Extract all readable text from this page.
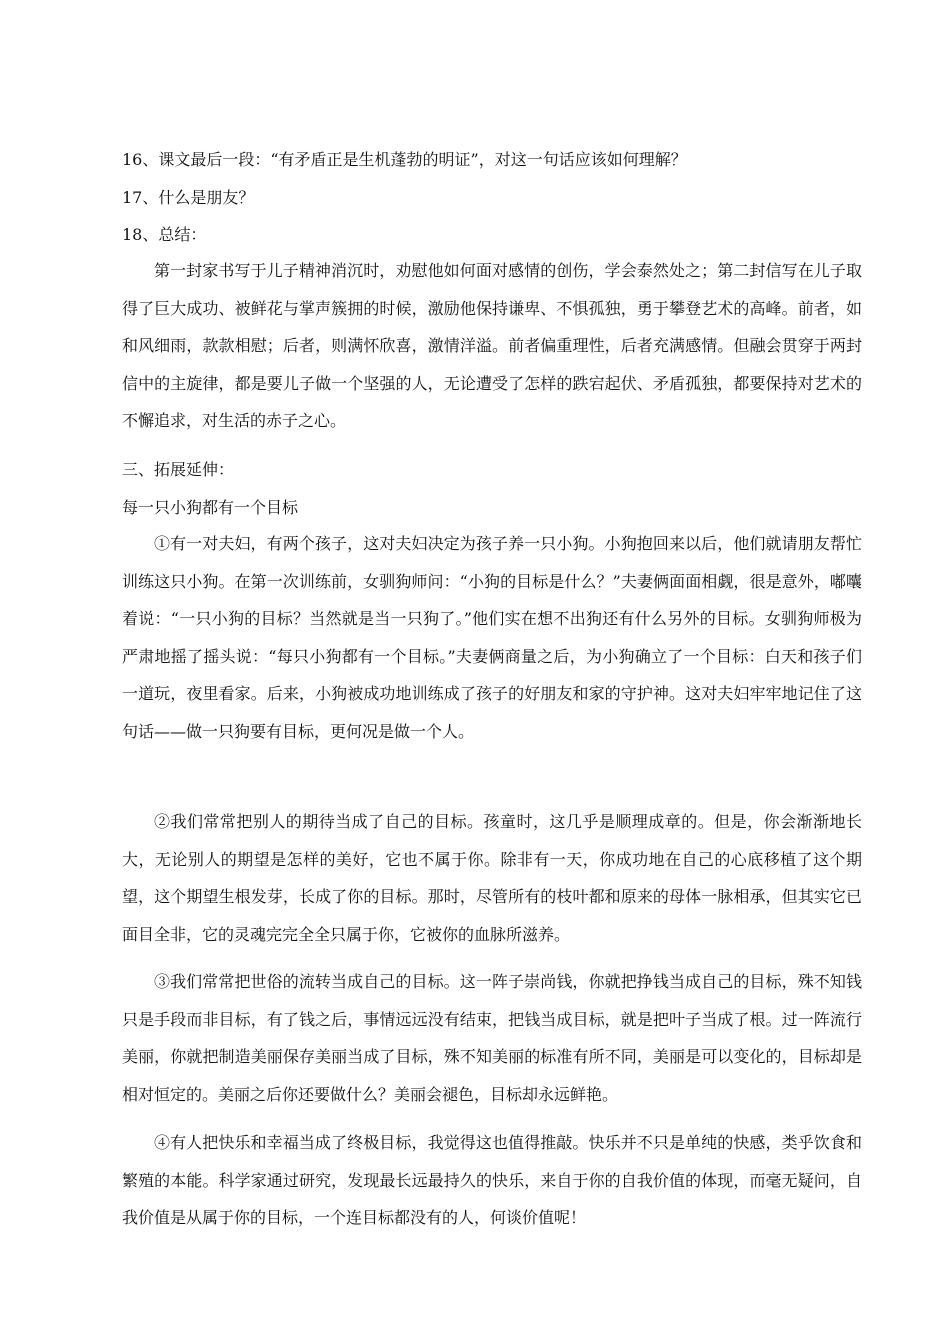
16、课文最后一段：“有矛盾正是生机蓬勃的明证”，对这一句话应该如何理解？
17、什么是朋友？
18、总结：
第一封家书写于儿子精神消沉时，劝慰他如何面对感情的创伤，学会泰然处之；第二封信写在儿子取得了巨大成功、被鲜花与掌声簇拥的时候，激励他保持谦卑、不惧孤独，勇于攀登艺术的高峰。前者，如和风细雨，款款相慰；后者，则满怀欣喜，激情洋溢。前者偏重理性，后者充满感情。但融会贯穿于两封信中的主旋律，都是要儿子做一个坚强的人，无论遭受了怎样的跌宕起伏、矛盾孤独，都要保持对艺术的不懈追求，对生活的赤子之心。
三、拓展延伸：
每一只小狗都有一个目标
①有一对夫妇，有两个孩子，这对夫妇决定为孩子养一只小狗。小狗抱回来以后，他们就请朋友帮忙训练这只小狗。在第一次训练前，女驯狗师问：“小狗的目标是什么？”夫妻俩面面相觑，很是意外，嘟囔着说：“一只小狗的目标？当然就是当一只狗了。”他们实在想不出狗还有什么另外的目标。女驯狗师极为严肃地摇了摇头说：“每只小狗都有一个目标。”夫妻俩商量之后，为小狗确立了一个目标：白天和孩子们一道玩，夜里看家。后来，小狗被成功地训练成了孩子的好朋友和家的守护神。这对夫妇牢牢地记住了这句话——做一只狗要有目标，更何况是做一个人。
②我们常常把别人的期待当成了自己的目标。孩童时，这几乎是顺理成章的。但是，你会渐渐地长大，无论别人的期望是怎样的美好，它也不属于你。除非有一天，你成功地在自己的心底移植了这个期望，这个期望生根发芽，长成了你的目标。那时，尽管所有的枝叶都和原来的母体一脉相承，但其实它已面目全非，它的灵魂完完全全只属于你，它被你的血脉所滋养。
③我们常常把世俗的流转当成自己的目标。这一阵子崇尚钱，你就把挣钱当成自己的目标，殊不知钱只是手段而非目标，有了钱之后，事情远远没有结束，把钱当成目标，就是把叶子当成了根。过一阵流行美丽，你就把制造美丽保存美丽当成了目标，殊不知美丽的标准有所不同，美丽是可以变化的，目标却是相对恒定的。美丽之后你还要做什么？美丽会褪色，目标却永远鲜艳。
④有人把快乐和幸福当成了终极目标，我觉得这也值得推敲。快乐并不只是单纯的快感，类乎饮食和繁殖的本能。科学家通过研究，发现最长远最持久的快乐，来自于你的自我价值的体现，而毫无疑问，自我价值是从属于你的目标，一个连目标都没有的人，何谈价值呢！
